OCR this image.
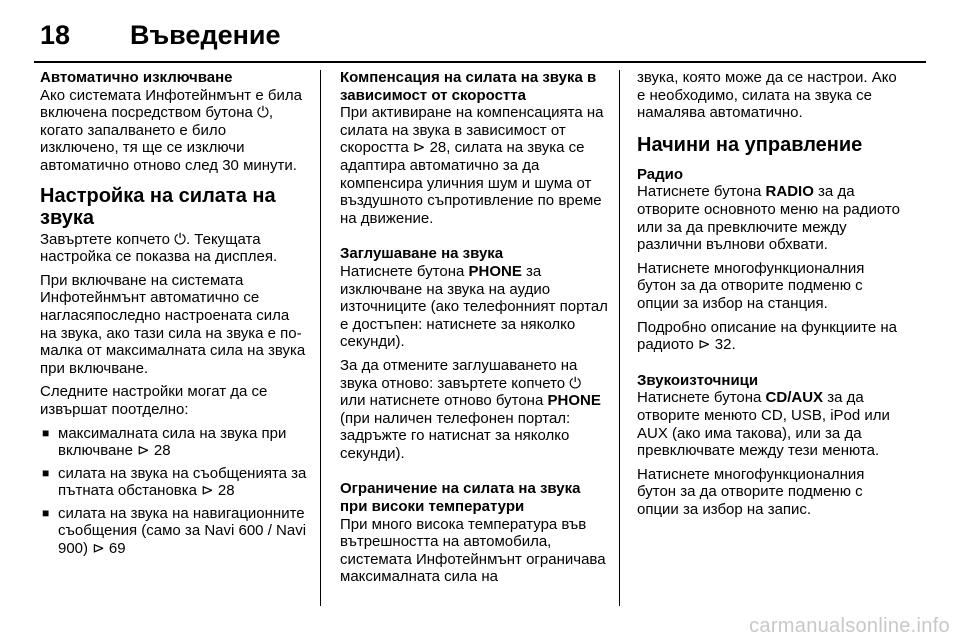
18 Въведение
Автоматично изключване

Ако системата Инфотейнмънт е била включена посредством бутона ⏻, когато запалването е било изключено, тя ще се изключи автоматично отново след 30 минути.

Настройка на силата на звука

Завъртете копчето ⏻. Текущата настройка се показва на дисплея.

При включване на системата Инфотейнмънт автоматично се нагласяпоследно настроената сила на звука, ако тази сила на звука е по-малка от максималната сила на звука при включване.

Следните настройки могат да се извършат поотделно:

■ максималната сила на звука при включване ⊳ 28
■ силата на звука на съобщенията за пътната обстановка ⊳ 28
■ силата на звука на навигационните съобщения (само за Navi 600 / Navi 900) ⊳ 69
Компенсация на силата на звука в зависимост от скоростта

При активиране на компенсацията на силата на звука в зависимост от скоростта ⊳ 28, силата на звука се адаптира автоматично за да компенсира уличния шум и шума от въздушното съпротивление по време на движение.

Заглушаване на звука

Натиснете бутона PHONE за изключване на звука на аудио източниците (ако телефонният портал е достъпен: натиснете за няколко секунди).

За да отмените заглушаването на звука отново: завъртете копчето ⏻ или натиснете отново бутона PHONE (при наличен телефонен портал: задръжте го натиснат за няколко секунди).

Ограничение на силата на звука при високи температури

При много висока температура във вътрешността на автомобила, системата Инфотейнмънт ограничава максималната сила на

звука, която може да се настрои. Ако е необходимо, силата на звука се намалява автоматично.

Начини на управление
Радио

Натиснете бутона RADIO за да отворите основното меню на радиото или за да превключите между различни вълнови обхвати.

Натиснете многофункционалния бутон за да отворите подменю с опции за избор на станция.

Подробно описание на функциите на радиото ⊳ 32.

Звукоизточници

Натиснете бутона CD/AUX за да отворите менюто CD, USB, iPod или AUX (ако има такова), или за да превключвате между тези менюта.

Натиснете многофункционалния бутон за да отворите подменю с опции за избор на запис.

carmanualsonline.info
